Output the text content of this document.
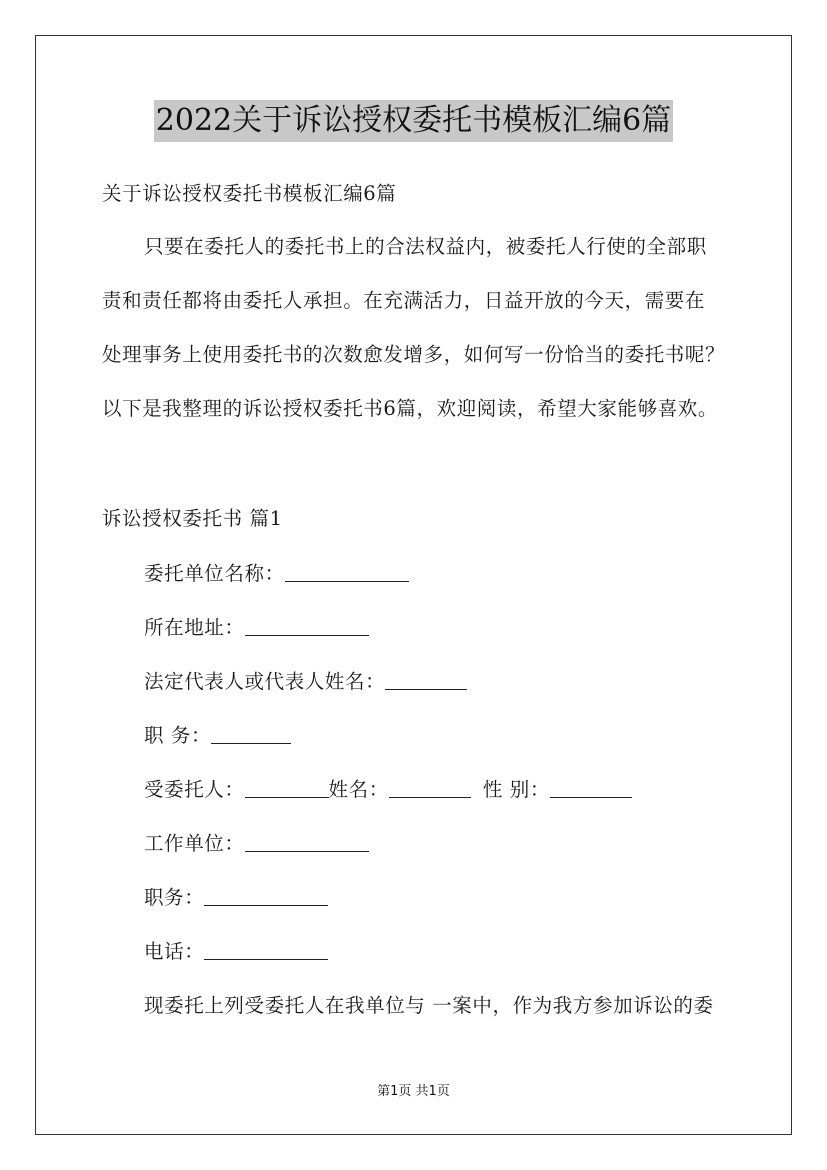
2022关于诉讼授权委托书模板汇编6篇
关于诉讼授权委托书模板汇编6篇
只要在委托人的委托书上的合法权益内，被委托人行使的全部职
责和责任都将由委托人承担。在充满活力，日益开放的今天，需要在
处理事务上使用委托书的次数愈发增多，如何写一份恰当的委托书呢？
以下是我整理的诉讼授权委托书6篇，欢迎阅读，希望大家能够喜欢。
诉讼授权委托书 篇1
委托单位名称：
所在地址：
法定代表人或代表人姓名：
职 务：
受委托人：	姓名：	性 别：
工作单位：
职务：
电话：
现委托上列受委托人在我单位与 一案中，作为我方参加诉讼的委
第1页 共1页
